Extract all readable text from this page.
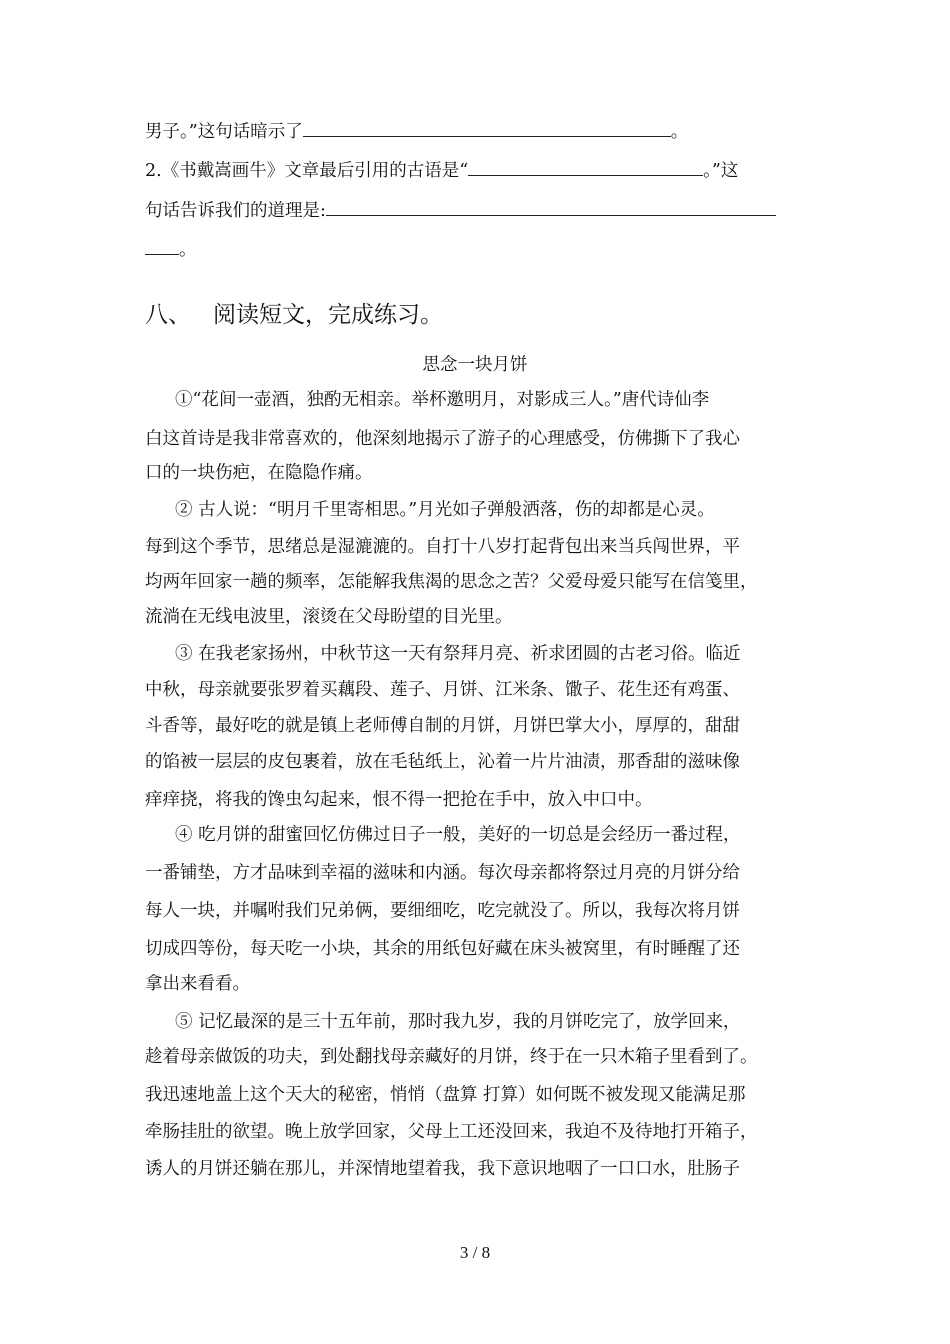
男子。”这句话暗示了	。
2.《书戴嵩画牛》文章最后引用的古语是“	。”这
句话告诉我们的道理是:
。
八、 阅读短文，完成练习。
思念一块月饼
①“花间一壶酒，独酌无相亲。举杯邀明月，对影成三人。”唐代诗仙李
白这首诗是我非常喜欢的，他深刻地揭示了游子的心理感受，仿佛撕下了我心
口的一块伤疤，在隐隐作痛。
② 古人说：“明月千里寄相思。”月光如子弹般洒落，伤的却都是心灵。
每到这个季节，思绪总是湿漉漉的。自打十八岁打起背包出来当兵闯世界，平
均两年回家一趟的频率，怎能解我焦渴的思念之苦？父爱母爱只能写在信笺里，
流淌在无线电波里，滚烫在父母盼望的目光里。
③ 在我老家扬州，中秋节这一天有祭拜月亮、祈求团圆的古老习俗。临近
中秋，母亲就要张罗着买藕段、莲子、月饼、江米条、馓子、花生还有鸡蛋、
斗香等，最好吃的就是镇上老师傅自制的月饼，月饼巴掌大小，厚厚的，甜甜
的馅被一层层的皮包裹着，放在毛毡纸上，沁着一片片油渍，那香甜的滋味像
痒痒挠，将我的馋虫勾起来，恨不得一把抢在手中，放入中口中。
④ 吃月饼的甜蜜回忆仿佛过日子一般，美好的一切总是会经历一番过程，
一番铺垫，方才品味到幸福的滋味和内涵。每次母亲都将祭过月亮的月饼分给
每人一块，并嘱咐我们兄弟俩，要细细吃，吃完就没了。所以，我每次将月饼
切成四等份，每天吃一小块，其余的用纸包好藏在床头被窝里，有时睡醒了还
拿出来看看。
⑤ 记忆最深的是三十五年前，那时我九岁，我的月饼吃完了，放学回来，
趁着母亲做饭的功夫，到处翻找母亲藏好的月饼，终于在一只木箱子里看到了。
我迅速地盖上这个天大的秘密，悄悄（盘算 打算）如何既不被发现又能满足那
牵肠挂肚的欲望。晚上放学回家，父母上工还没回来，我迫不及待地打开箱子，
诱人的月饼还躺在那儿，并深情地望着我，我下意识地咽了一口口水，肚肠子
3 / 8
